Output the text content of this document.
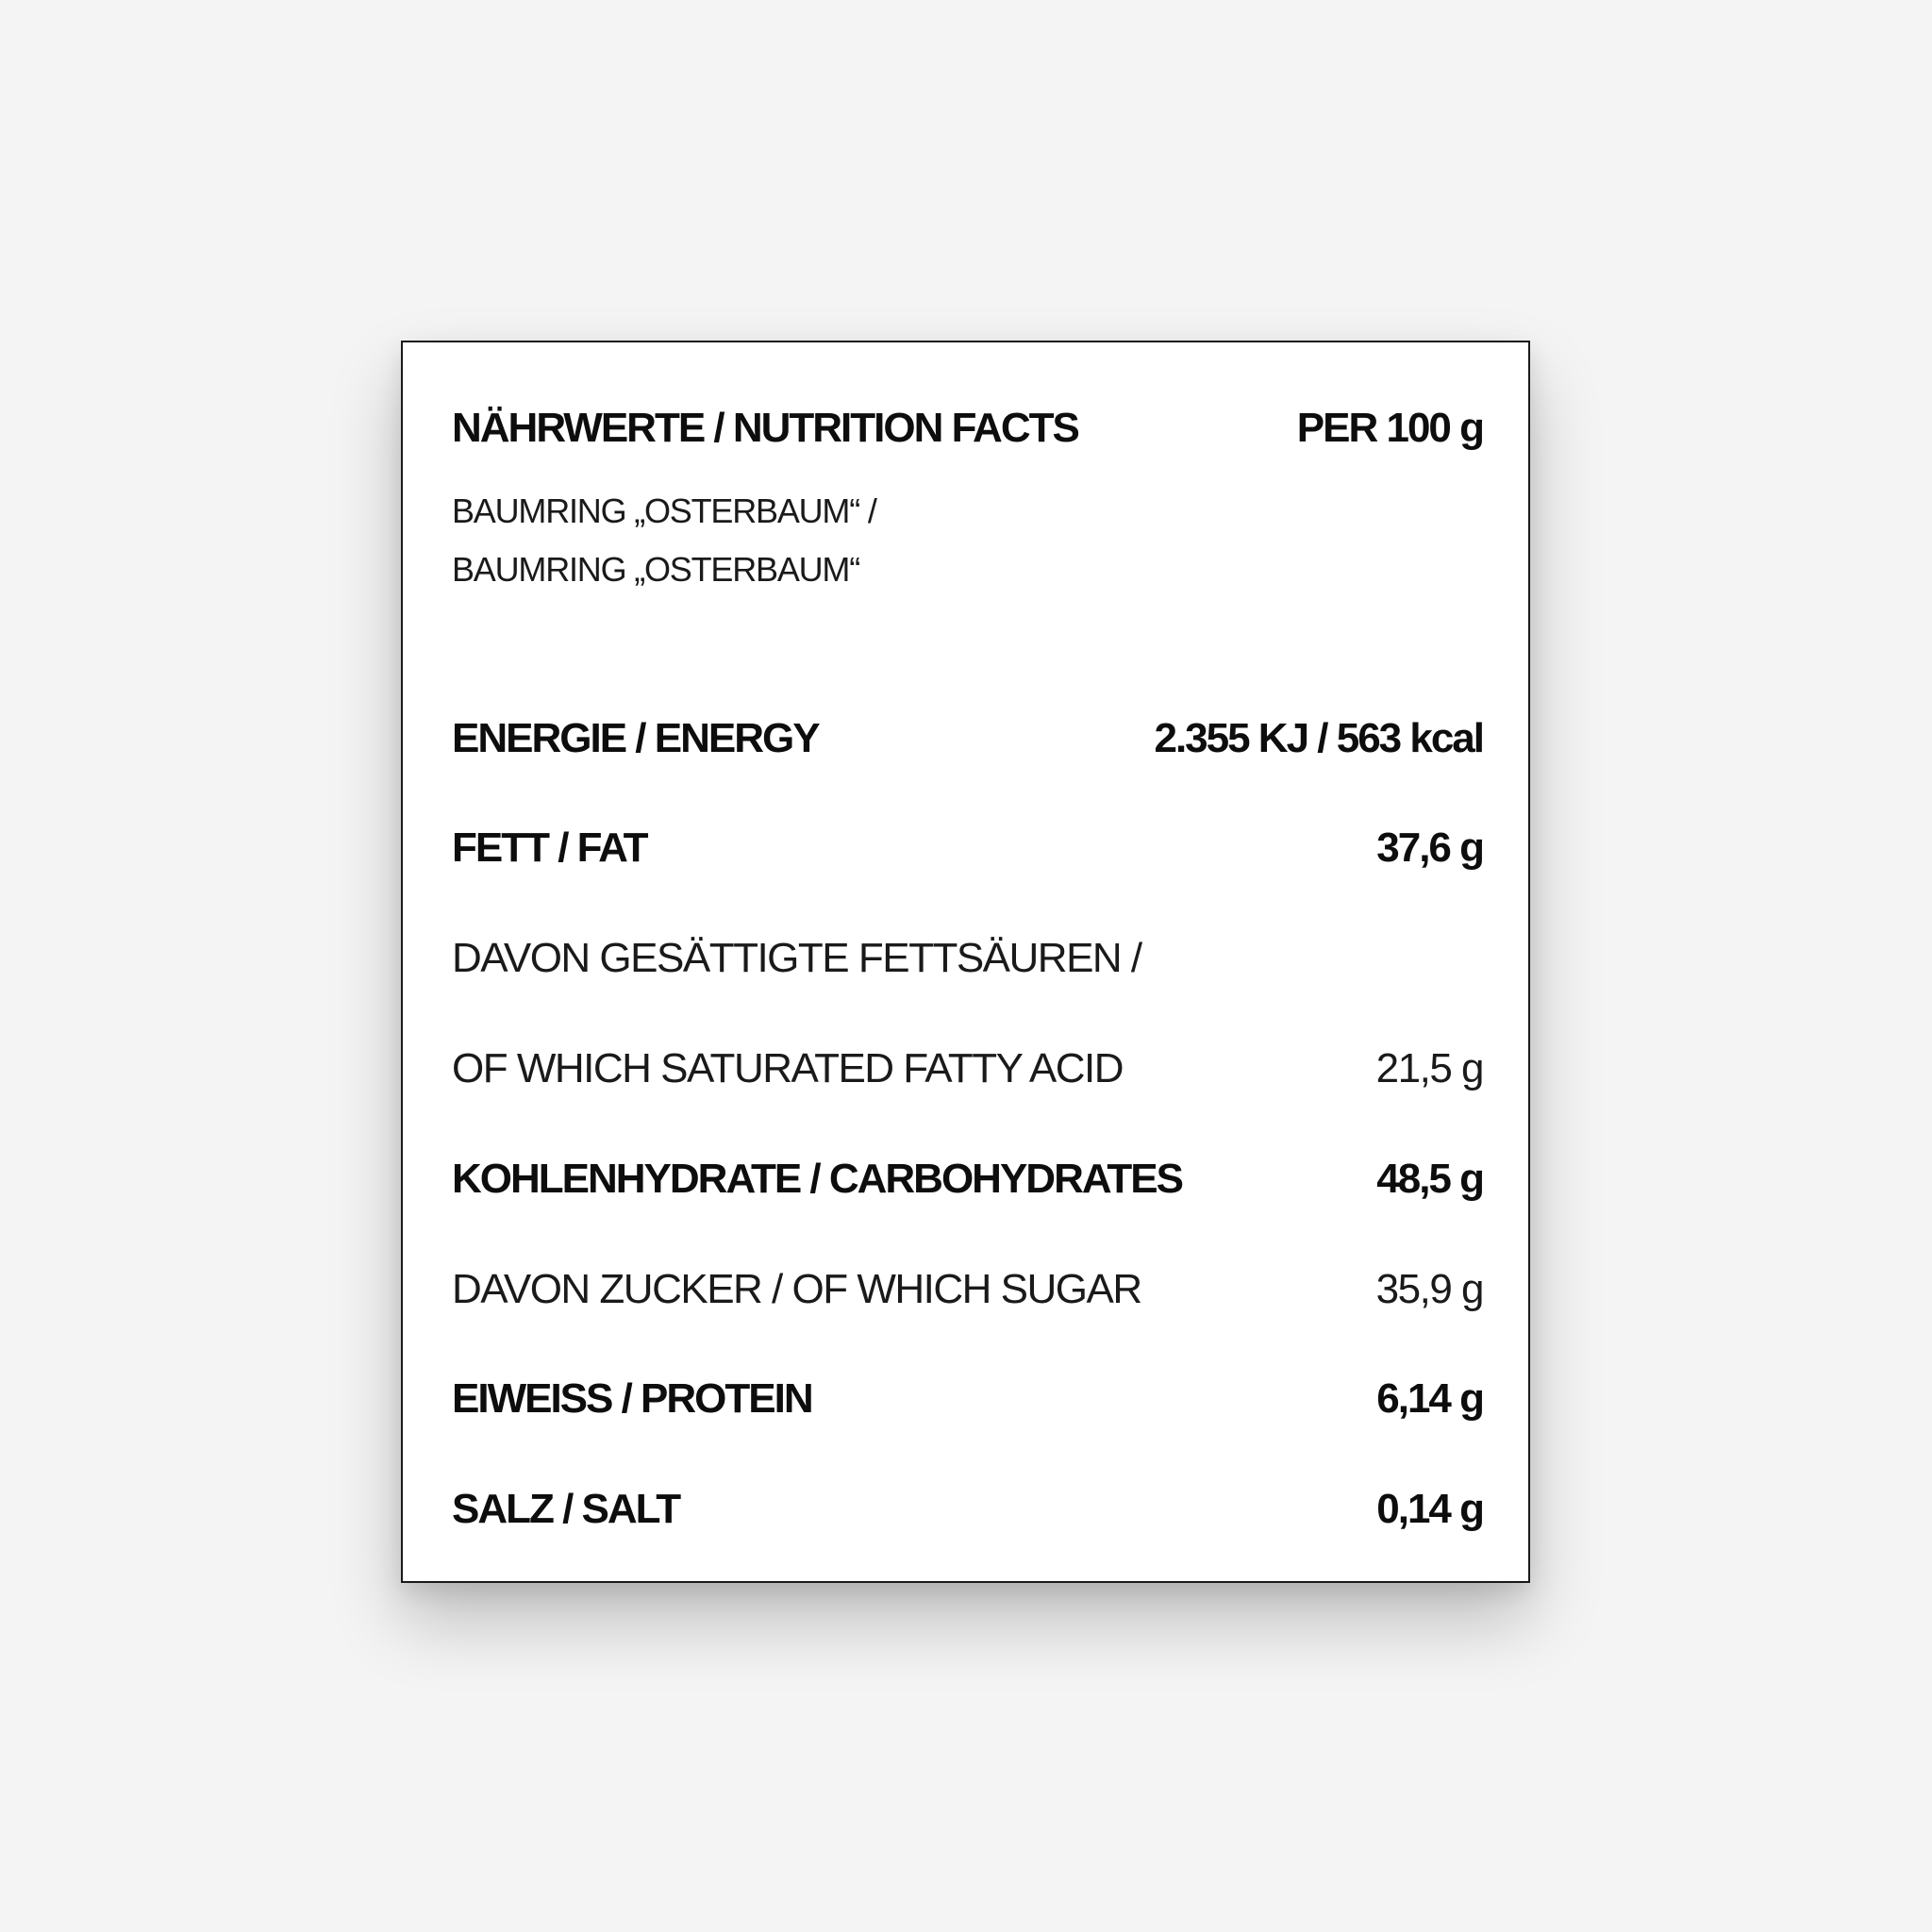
NÄHRWERTE / NUTRITION FACTS	PER 100 g
BAUMRING „OSTERBAUM“ /
BAUMRING „OSTERBAUM“
ENERGIE / ENERGY	2.355 KJ / 563 kcal
FETT / FAT	37,6 g
DAVON GESÄTTIGTE FETTSÄUREN /
OF WHICH SATURATED FATTY ACID	21,5 g
KOHLENHYDRATE / CARBOHYDRATES	48,5 g
DAVON ZUCKER / OF WHICH SUGAR	35,9 g
EIWEISS / PROTEIN	6,14 g
SALZ / SALT	0,14 g
